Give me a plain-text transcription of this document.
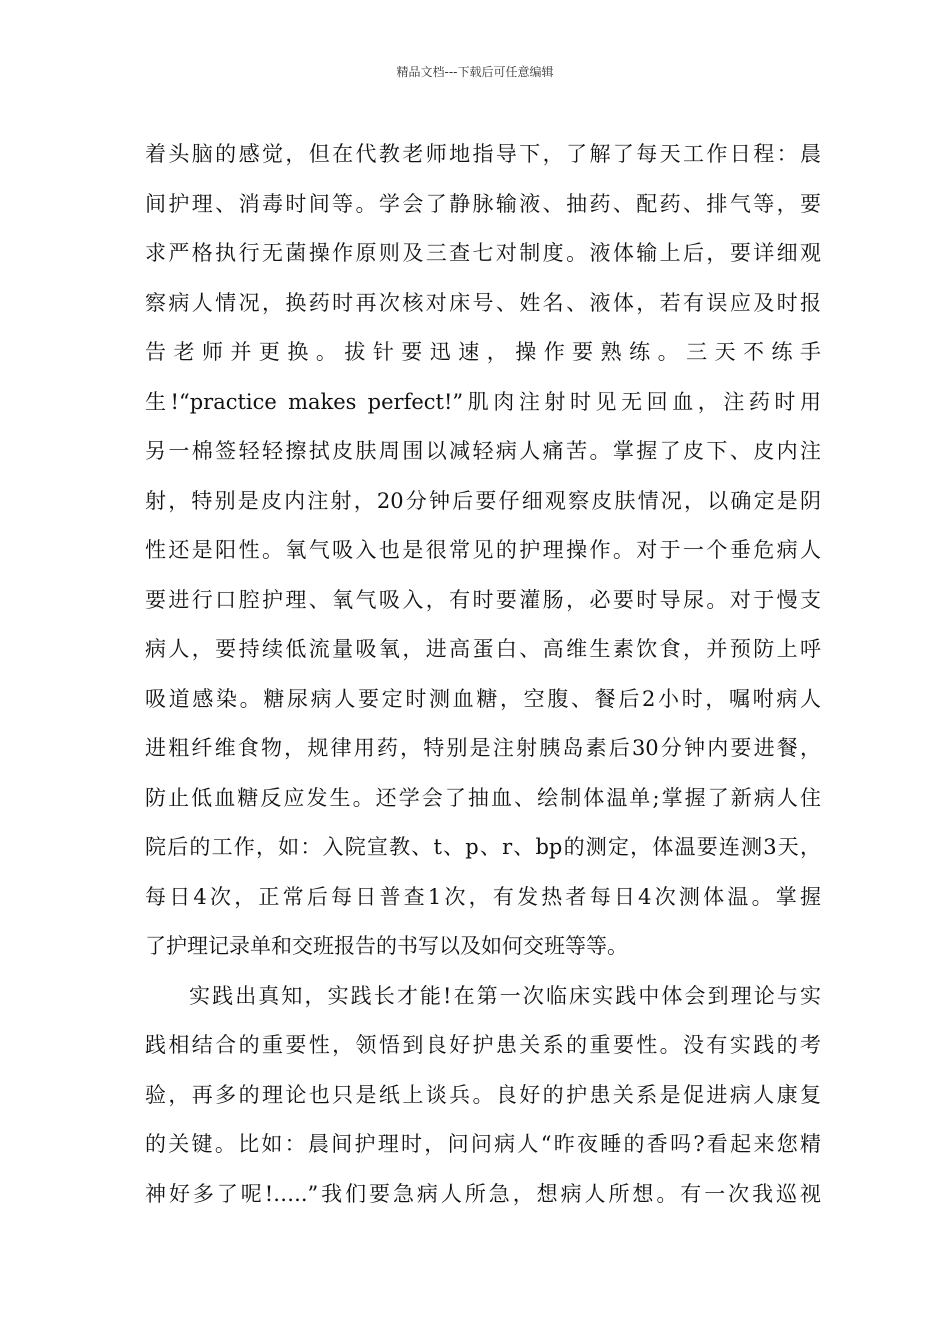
精品文档---下载后可任意编辑
着头脑的感觉，但在代教老师地指导下，了解了每天工作日程：晨
间护理、消毒时间等。学会了静脉输液、抽药、配药、排气等，要
求严格执行无菌操作原则及三查七对制度。液体输上后，要详细观
察病人情况，换药时再次核对床号、姓名、液体，若有误应及时报
告老师并更换。拔针要迅速，操作要熟练。三天不练手
生!“practice makes perfect!”肌肉注射时见无回血，注药时用
另一棉签轻轻擦拭皮肤周围以减轻病人痛苦。掌握了皮下、皮内注
射，特别是皮内注射，20分钟后要仔细观察皮肤情况，以确定是阴
性还是阳性。氧气吸入也是很常见的护理操作。对于一个垂危病人
要进行口腔护理、氧气吸入，有时要灌肠，必要时导尿。对于慢支
病人，要持续低流量吸氧，进高蛋白、高维生素饮食，并预防上呼
吸道感染。糖尿病人要定时测血糖，空腹、餐后2小时，嘱咐病人
进粗纤维食物，规律用药，特别是注射胰岛素后30分钟内要进餐，
防止低血糖反应发生。还学会了抽血、绘制体温单;掌握了新病人住
院后的工作，如：入院宣教、t、p、r、bp的测定，体温要连测3天，
每日4次，正常后每日普查1次，有发热者每日4次测体温。掌握
了护理记录单和交班报告的书写以及如何交班等等。
实践出真知，实践长才能!在第一次临床实践中体会到理论与实
践相结合的重要性，领悟到良好护患关系的重要性。没有实践的考
验，再多的理论也只是纸上谈兵。良好的护患关系是促进病人康复
的关键。比如：晨间护理时，问问病人“昨夜睡的香吗?看起来您精
神好多了呢!…..”我们要急病人所急，想病人所想。有一次我巡视
